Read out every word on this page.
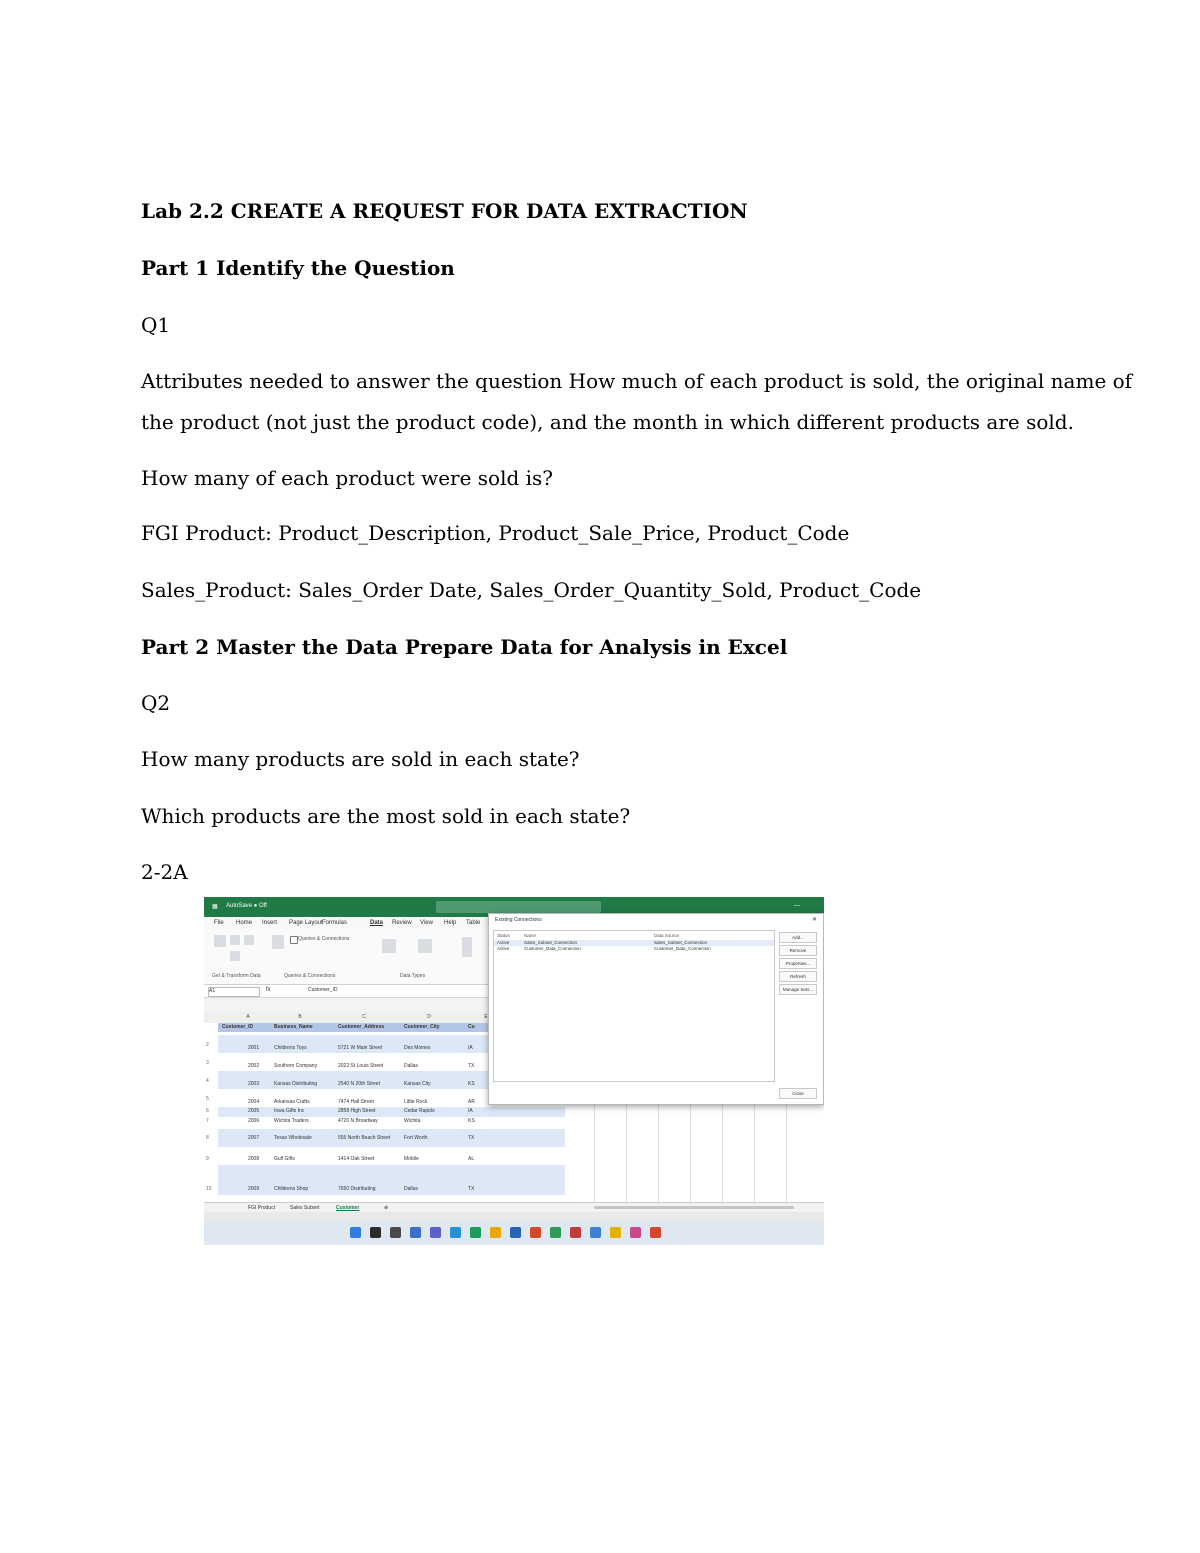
Lab 2.2 CREATE A REQUEST FOR DATA EXTRACTION
Part 1 Identify the Question
Q1
Attributes needed to answer the question How much of each product is sold, the original name of
the product (not just the product code), and the month in which different products are sold.
How many of each product were sold is?
FGI Product: Product_Description, Product_Sale_Price, Product_Code
Sales_Product: Sales_Order Date, Sales_Order_Quantity_Sold, Product_Code
Part 2 Master the Data Prepare Data for Analysis in Excel
Q2
How many products are sold in each state?
Which products are the most sold in each state?
2-2A
▦ AutoSave ● Off	—
File Home Insert Page Layout Formulas	Data Review View Help Table
Queries & Connections
Get & Transform Data	Queries & Connections	Data Types
A1	fx	Customer_ID
A	B	C	D	E
Customer_ID	Business_Name	Customer_Address	Customer_City	Cu
2	2001	Childrens Toys	5721 W Main Street	Des Moines	IA
3	2002	Southern Company	2022 St Louis Street	Dallas	TX
4	2003	Kansas Distributing	2540 N 20th Street	Kansas City	KS
5	2004	Arkansas Crafts	7474 Hall Street	Little Rock	AR
6	2005	Iowa Gifts Inc	2858 High Street	Cedar Rapids	IA
7	2006	Wichita Traders	4720 N Broadway	Wichita	KS
8	2007	Texas Wholesale	555 North Beach Street	Fort Worth	TX
9	2008	Gulf Gifts	1414 Oak Street	Mobile	AL
10	2009	Childrens Shop	7650 Distributing	Dallas	TX
FGI Product	Sales Subset	Customer	⊕
Existing Connections	✕
Status	Name	Data Source
Active	Sales_Subset_Connection	Sales_Subset_Connection
Active	Customer_Data_Connection	Customer_Data_Connection
Add...
Remove
Properties...
Refresh
Manage Sets...
Close
